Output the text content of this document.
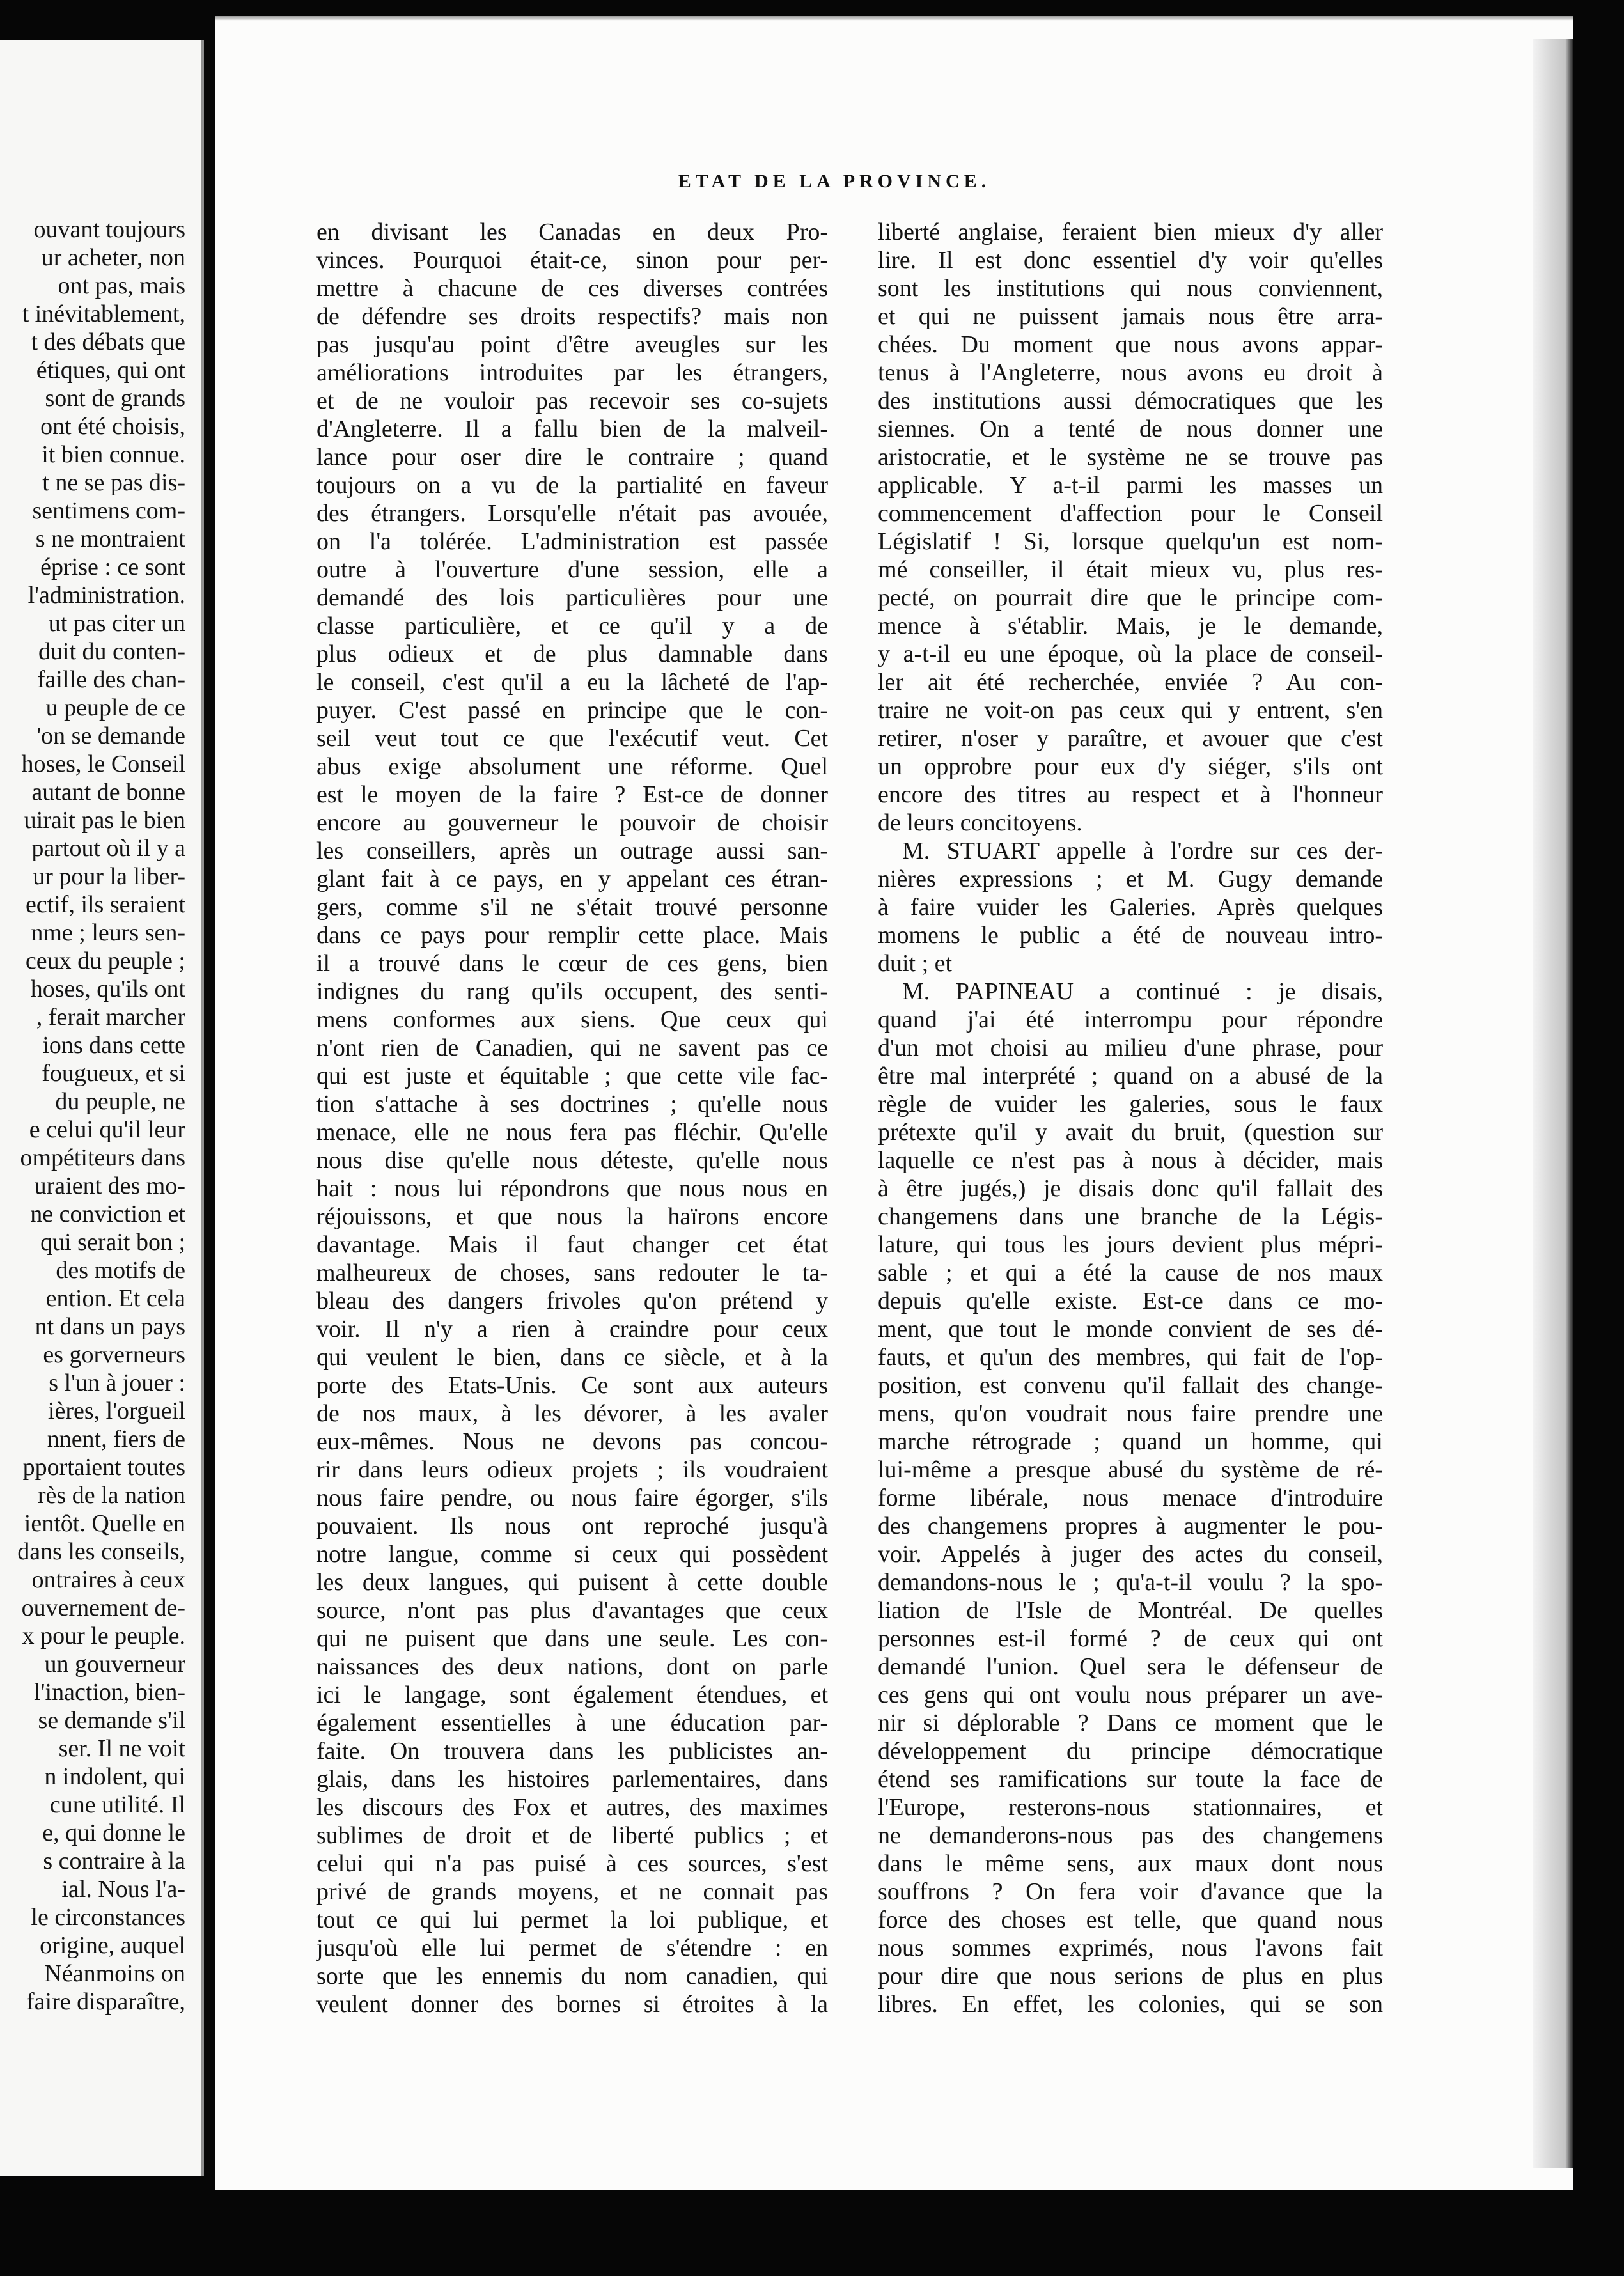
ouvant toujours
ur acheter, non
ont pas, mais
t inévitablement,
t des débats que
étiques, qui ont
sont de grands
ont été choisis,
it bien connue.
t ne se pas dis-
sentimens com-
s ne montraient
éprise : ce sont
l'administration.
ut pas citer un
duit du conten-
faille des chan-
u peuple de ce
'on se demande
hoses, le Conseil
autant de bonne
uirait pas le bien
partout où il y a
ur pour la liber-
ectif, ils seraient
nme ; leurs sen-
ceux du peuple ;
hoses, qu'ils ont
, ferait marcher
ions dans cette
fougueux, et si
du peuple, ne
e celui qu'il leur
ompétiteurs dans
uraient des mo-
ne conviction et
qui serait bon ;
des motifs de
ention. Et cela
nt dans un pays
es gorverneurs
s l'un à jouer :
ières, l'orgueil
nnent, fiers de
pportaient toutes
rès de la nation
ientôt. Quelle en
dans les conseils,
ontraires à ceux
ouvernement de-
x pour le peuple.
un gouverneur
l'inaction, bien-
se demande s'il
ser. Il ne voit
n indolent, qui
cune utilité. Il
e, qui donne le
s contraire à la
ial. Nous l'a-
le circonstances
origine, auquel
Néanmoins on
faire disparaître,
ETAT DE LA PROVINCE.
en divisant les Canadas en deux Pro-
vinces. Pourquoi était-ce, sinon pour per-
mettre à chacune de ces diverses contrées
de défendre ses droits respectifs? mais non
pas jusqu'au point d'être aveugles sur les
améliorations introduites par les étrangers,
et de ne vouloir pas recevoir ses co-sujets
d'Angleterre. Il a fallu bien de la malveil-
lance pour oser dire le contraire ; quand
toujours on a vu de la partialité en faveur
des étrangers. Lorsqu'elle n'était pas avouée,
on l'a tolérée. L'administration est passée
outre à l'ouverture d'une session, elle a
demandé des lois particulières pour une
classe particulière, et ce qu'il y a de
plus odieux et de plus damnable dans
le conseil, c'est qu'il a eu la lâcheté de l'ap-
puyer. C'est passé en principe que le con-
seil veut tout ce que l'exécutif veut. Cet
abus exige absolument une réforme. Quel
est le moyen de la faire ? Est-ce de donner
encore au gouverneur le pouvoir de choisir
les conseillers, après un outrage aussi san-
glant fait à ce pays, en y appelant ces étran-
gers, comme s'il ne s'était trouvé personne
dans ce pays pour remplir cette place. Mais
il a trouvé dans le cœur de ces gens, bien
indignes du rang qu'ils occupent, des senti-
mens conformes aux siens. Que ceux qui
n'ont rien de Canadien, qui ne savent pas ce
qui est juste et équitable ; que cette vile fac-
tion s'attache à ses doctrines ; qu'elle nous
menace, elle ne nous fera pas fléchir. Qu'elle
nous dise qu'elle nous déteste, qu'elle nous
hait : nous lui répondrons que nous nous en
réjouissons, et que nous la haïrons encore
davantage. Mais il faut changer cet état
malheureux de choses, sans redouter le ta-
bleau des dangers frivoles qu'on prétend y
voir. Il n'y a rien à craindre pour ceux
qui veulent le bien, dans ce siècle, et à la
porte des Etats-Unis. Ce sont aux auteurs
de nos maux, à les dévorer, à les avaler
eux-mêmes. Nous ne devons pas concou-
rir dans leurs odieux projets ; ils voudraient
nous faire pendre, ou nous faire égorger, s'ils
pouvaient. Ils nous ont reproché jusqu'à
notre langue, comme si ceux qui possèdent
les deux langues, qui puisent à cette double
source, n'ont pas plus d'avantages que ceux
qui ne puisent que dans une seule. Les con-
naissances des deux nations, dont on parle
ici le langage, sont également étendues, et
également essentielles à une éducation par-
faite. On trouvera dans les publicistes an-
glais, dans les histoires parlementaires, dans
les discours des Fox et autres, des maximes
sublimes de droit et de liberté publics ; et
celui qui n'a pas puisé à ces sources, s'est
privé de grands moyens, et ne connait pas
tout ce qui lui permet la loi publique, et
jusqu'où elle lui permet de s'étendre : en
sorte que les ennemis du nom canadien, qui
veulent donner des bornes si étroites à la
liberté anglaise, feraient bien mieux d'y aller
lire. Il est donc essentiel d'y voir qu'elles
sont les institutions qui nous conviennent,
et qui ne puissent jamais nous être arra-
chées. Du moment que nous avons appar-
tenus à l'Angleterre, nous avons eu droit à
des institutions aussi démocratiques que les
siennes. On a tenté de nous donner une
aristocratie, et le système ne se trouve pas
applicable. Y a-t-il parmi les masses un
commencement d'affection pour le Conseil
Législatif ! Si, lorsque quelqu'un est nom-
mé conseiller, il était mieux vu, plus res-
pecté, on pourrait dire que le principe com-
mence à s'établir. Mais, je le demande,
y a-t-il eu une époque, où la place de conseil-
ler ait été recherchée, enviée ? Au con-
traire ne voit-on pas ceux qui y entrent, s'en
retirer, n'oser y paraître, et avouer que c'est
un opprobre pour eux d'y siéger, s'ils ont
encore des titres au respect et à l'honneur
de leurs concitoyens.
M. STUART appelle à l'ordre sur ces der-
nières expressions ; et M. Gugy demande
à faire vuider les Galeries. Après quelques
momens le public a été de nouveau intro-
duit ; et
M. PAPINEAU a continué : je disais,
quand j'ai été interrompu pour répondre
d'un mot choisi au milieu d'une phrase, pour
être mal interprété ; quand on a abusé de la
règle de vuider les galeries, sous le faux
prétexte qu'il y avait du bruit, (question sur
laquelle ce n'est pas à nous à décider, mais
à être jugés,) je disais donc qu'il fallait des
changemens dans une branche de la Légis-
lature, qui tous les jours devient plus mépri-
sable ; et qui a été la cause de nos maux
depuis qu'elle existe. Est-ce dans ce mo-
ment, que tout le monde convient de ses dé-
fauts, et qu'un des membres, qui fait de l'op-
position, est convenu qu'il fallait des change-
mens, qu'on voudrait nous faire prendre une
marche rétrograde ; quand un homme, qui
lui-même a presque abusé du système de ré-
forme libérale, nous menace d'introduire
des changemens propres à augmenter le pou-
voir. Appelés à juger des actes du conseil,
demandons-nous le ; qu'a-t-il voulu ? la spo-
liation de l'Isle de Montréal. De quelles
personnes est-il formé ? de ceux qui ont
demandé l'union. Quel sera le défenseur de
ces gens qui ont voulu nous préparer un ave-
nir si déplorable ? Dans ce moment que le
développement du principe démocratique
étend ses ramifications sur toute la face de
l'Europe, resterons-nous stationnaires, et
ne demanderons-nous pas des changemens
dans le même sens, aux maux dont nous
souffrons ? On fera voir d'avance que la
force des choses est telle, que quand nous
nous sommes exprimés, nous l'avons fait
pour dire que nous serions de plus en plus
libres. En effet, les colonies, qui se son
